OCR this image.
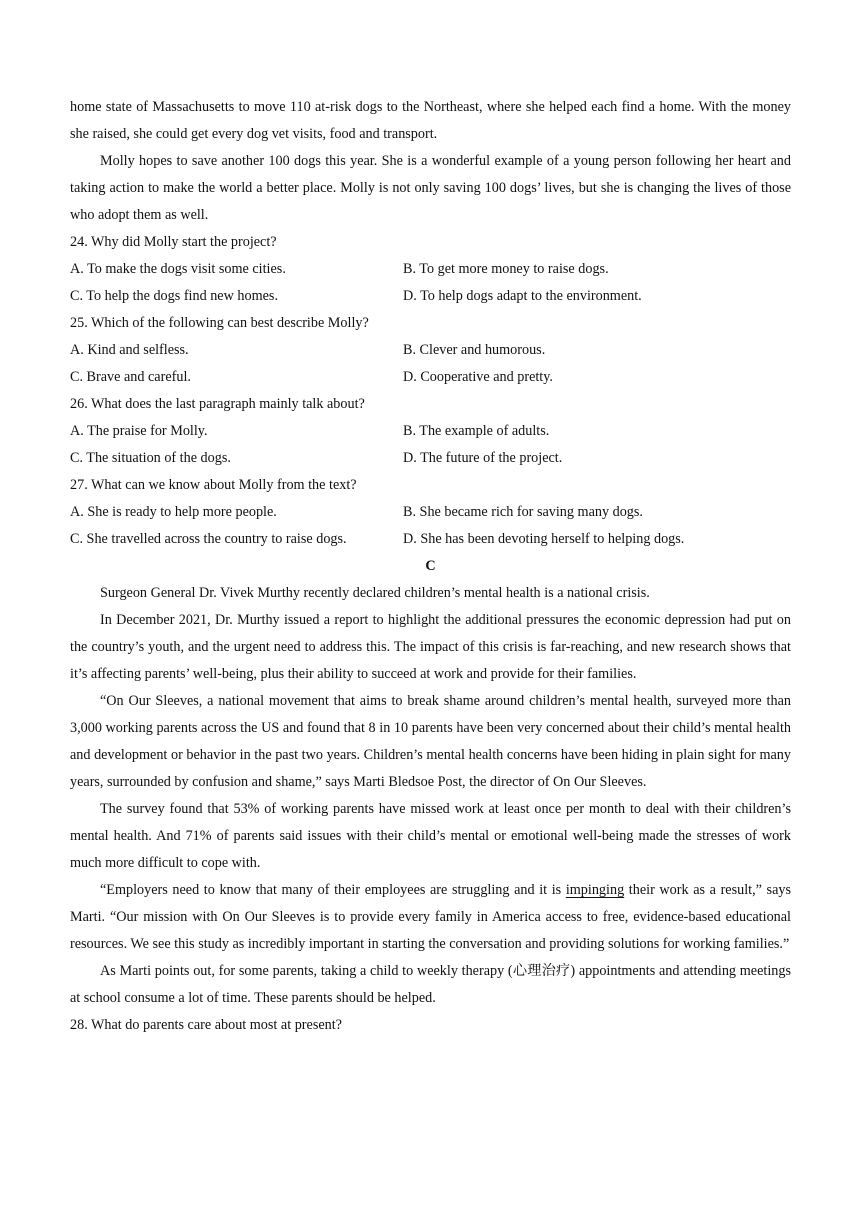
home state of Massachusetts to move 110 at-risk dogs to the Northeast, where she helped each find a home. With the money she raised, she could get every dog vet visits, food and transport.
Molly hopes to save another 100 dogs this year. She is a wonderful example of a young person following her heart and taking action to make the world a better place. Molly is not only saving 100 dogs’ lives, but she is changing the lives of those who adopt them as well.
24. Why did Molly start the project?
A. To make the dogs visit some cities.	B. To get more money to raise dogs.
C. To help the dogs find new homes.	D. To help dogs adapt to the environment.
25. Which of the following can best describe Molly?
A. Kind and selfless.	B. Clever and humorous.
C. Brave and careful.	D. Cooperative and pretty.
26. What does the last paragraph mainly talk about?
A. The praise for Molly.	B. The example of adults.
C. The situation of the dogs.	D. The future of the project.
27. What can we know about Molly from the text?
A. She is ready to help more people.	B. She became rich for saving many dogs.
C. She travelled across the country to raise dogs.	D. She has been devoting herself to helping dogs.
C
Surgeon General Dr. Vivek Murthy recently declared children’s mental health is a national crisis.
In December 2021, Dr. Murthy issued a report to highlight the additional pressures the economic depression had put on the country’s youth, and the urgent need to address this. The impact of this crisis is far-reaching, and new research shows that it’s affecting parents’ well-being, plus their ability to succeed at work and provide for their families.
“On Our Sleeves, a national movement that aims to break shame around children’s mental health, surveyed more than 3,000 working parents across the US and found that 8 in 10 parents have been very concerned about their child’s mental health and development or behavior in the past two years. Children’s mental health concerns have been hiding in plain sight for many years, surrounded by confusion and shame,” says Marti Bledsoe Post, the director of On Our Sleeves.
The survey found that 53% of working parents have missed work at least once per month to deal with their children’s mental health. And 71% of parents said issues with their child’s mental or emotional well-being made the stresses of work much more difficult to cope with.
“Employers need to know that many of their employees are struggling and it is impinging their work as a result,” says Marti. “Our mission with On Our Sleeves is to provide every family in America access to free, evidence-based educational resources. We see this study as incredibly important in starting the conversation and providing solutions for working families.”
As Marti points out, for some parents, taking a child to weekly therapy (心理治疗) appointments and attending meetings at school consume a lot of time. These parents should be helped.
28. What do parents care about most at present?
